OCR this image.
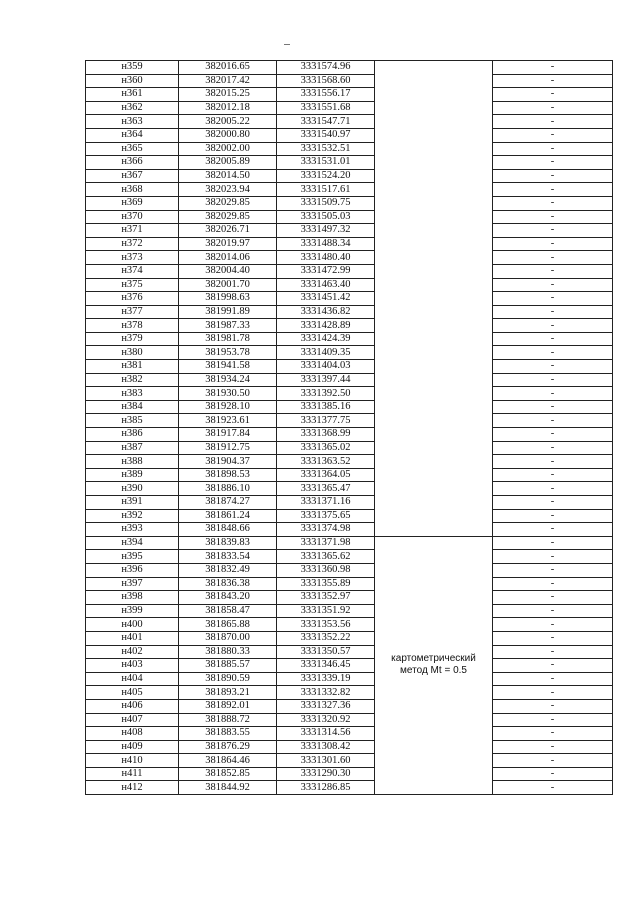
н359	382016.65	3331574.96		-
н360	382017.42	3331568.60		-
н361	382015.25	3331556.17		-
н362	382012.18	3331551.68		-
н363	382005.22	3331547.71		-
н364	382000.80	3331540.97		-
н365	382002.00	3331532.51		-
н366	382005.89	3331531.01		-
н367	382014.50	3331524.20		-
н368	382023.94	3331517.61		-
н369	382029.85	3331509.75		-
н370	382029.85	3331505.03		-
н371	382026.71	3331497.32		-
н372	382019.97	3331488.34		-
н373	382014.06	3331480.40		-
н374	382004.40	3331472.99		-
н375	382001.70	3331463.40		-
н376	381998.63	3331451.42		-
н377	381991.89	3331436.82		-
н378	381987.33	3331428.89		-
н379	381981.78	3331424.39		-
н380	381953.78	3331409.35		-
н381	381941.58	3331404.03		-
н382	381934.24	3331397.44		-
н383	381930.50	3331392.50		-
н384	381928.10	3331385.16		-
н385	381923.61	3331377.75		-
н386	381917.84	3331368.99		-
н387	381912.75	3331365.02		-
н388	381904.37	3331363.52		-
н389	381898.53	3331364.05		-
н390	381886.10	3331365.47		-
н391	381874.27	3331371.16		-
н392	381861.24	3331375.65		-
н393	381848.66	3331374.98		-
н394	381839.83	3331371.98	картометрический
метод Mt = 0.5	-
н395	381833.54	3331365.62		-
н396	381832.49	3331360.98		-
н397	381836.38	3331355.89		-
н398	381843.20	3331352.97		-
н399	381858.47	3331351.92		-
н400	381865.88	3331353.56		-
н401	381870.00	3331352.22		-
н402	381880.33	3331350.57		-
н403	381885.57	3331346.45		-
н404	381890.59	3331339.19		-
н405	381893.21	3331332.82		-
н406	381892.01	3331327.36		-
н407	381888.72	3331320.92		-
н408	381883.55	3331314.56		-
н409	381876.29	3331308.42		-
н410	381864.46	3331301.60		-
н411	381852.85	3331290.30		-
н412	381844.92	3331286.85		-
